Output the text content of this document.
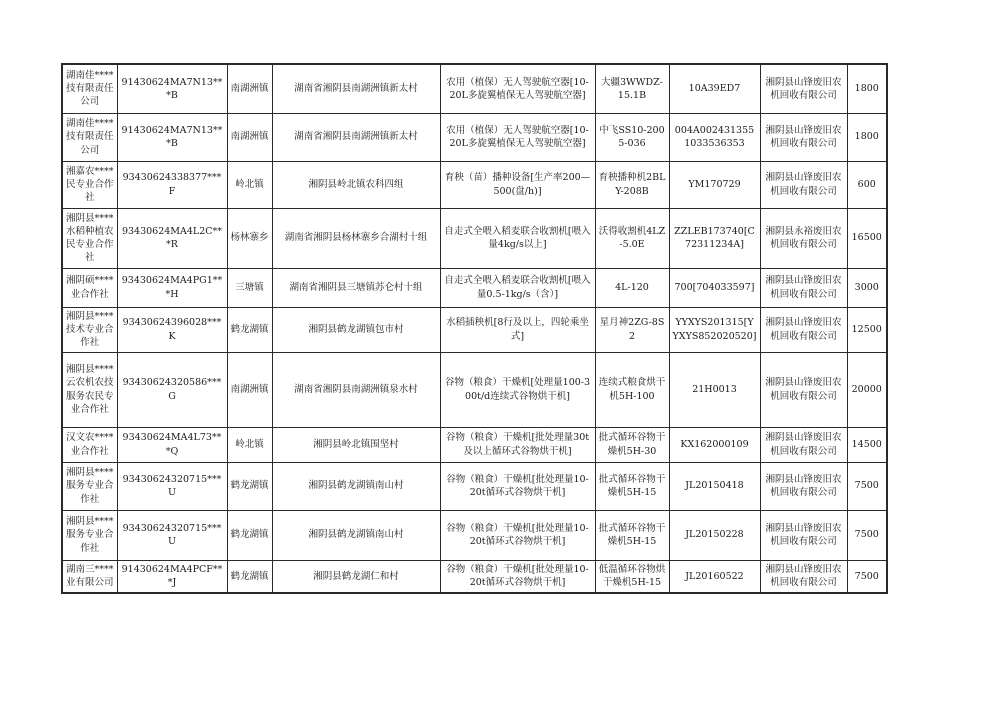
湖南佳****技有限责任公司	91430624MA7N13***B	南湖洲镇	湖南省湘阴县南湖洲镇新太村	农用（植保）无人驾驶航空器[10-20L多旋翼植保无人驾驶航空器]	大疆3WWDZ-15.1B	10A39ED7	湘阴县山锋废旧农机回收有限公司	1800
湖南佳****技有限责任公司	91430624MA7N13***B	南湖洲镇	湖南省湘阴县南湖洲镇新太村	农用（植保）无人驾驶航空器[10-20L多旋翼植保无人驾驶航空器]	中飞SS10-2005-036	004A0024313551033536353	湘阴县山锋废旧农机回收有限公司	1800
湘嘉农****民专业合作社	93430624338377***F	岭北镇	湘阴县岭北镇农科四组	育秧（苗）播种设备[生产率200—500(盘/h)]	育秧播种机2BLY-208B	YM170729	湘阴县山锋废旧农机回收有限公司	600
湘阴县****水稻种植农民专业合作社	93430624MA4L2C***R	杨林寨乡	湖南省湘阴县杨林寨乡合湖村十组	自走式全喂入稻麦联合收割机[喂入量4kg/s以上]	沃得收割机4LZ-5.0E	ZZLEB173740[C72311234A]	湘阴县永裕废旧农机回收有限公司	16500
湘阴硕****业合作社	93430624MA4PG1***H	三塘镇	湖南省湘阴县三塘镇苏仑村十组	自走式全喂入稻麦联合收割机[喂入量0.5-1kg/s（含）]	4L-120	700[704033597]	湘阴县山锋废旧农机回收有限公司	3000
湘阴县****技术专业合作社	93430624396028***K	鹤龙湖镇	湘阴县鹤龙湖镇包市村	水稻插秧机[8行及以上，四轮乘坐式]	星月神2ZG-8S2	YYXYS201315[YYXYS852020520]	湘阴县山锋废旧农机回收有限公司	12500
湘阴县****云农机农技服务农民专业合作社	93430624320586***G	南湖洲镇	湖南省湘阴县南湖洲镇泉水村	谷物（粮食）干燥机[处理量100-300t/d连续式谷物烘干机]	连续式粮食烘干机5H-100	21H0013	湘阴县山锋废旧农机回收有限公司	20000
汉文农****业合作社	93430624MA4L73***Q	岭北镇	湘阴县岭北镇围坚村	谷物（粮食）干燥机[批处理量30t及以上循环式谷物烘干机]	批式循环谷物干燥机5H-30	KX162000109	湘阴县山锋废旧农机回收有限公司	14500
湘阴县****服务专业合作社	93430624320715***U	鹤龙湖镇	湘阴县鹤龙湖镇南山村	谷物（粮食）干燥机[批处理量10-20t循环式谷物烘干机]	批式循环谷物干燥机5H-15	JL20150418	湘阴县山锋废旧农机回收有限公司	7500
湘阴县****服务专业合作社	93430624320715***U	鹤龙湖镇	湘阴县鹤龙湖镇南山村	谷物（粮食）干燥机[批处理量10-20t循环式谷物烘干机]	批式循环谷物干燥机5H-15	JL20150228	湘阴县山锋废旧农机回收有限公司	7500
湖南三****业有限公司	91430624MA4PCF***J	鹤龙湖镇	湘阴县鹤龙湖仁和村	谷物（粮食）干燥机[批处理量10-20t循环式谷物烘干机]	低温循环谷物烘干燥机5H-15	JL20160522	湘阴县山锋废旧农机回收有限公司	7500
